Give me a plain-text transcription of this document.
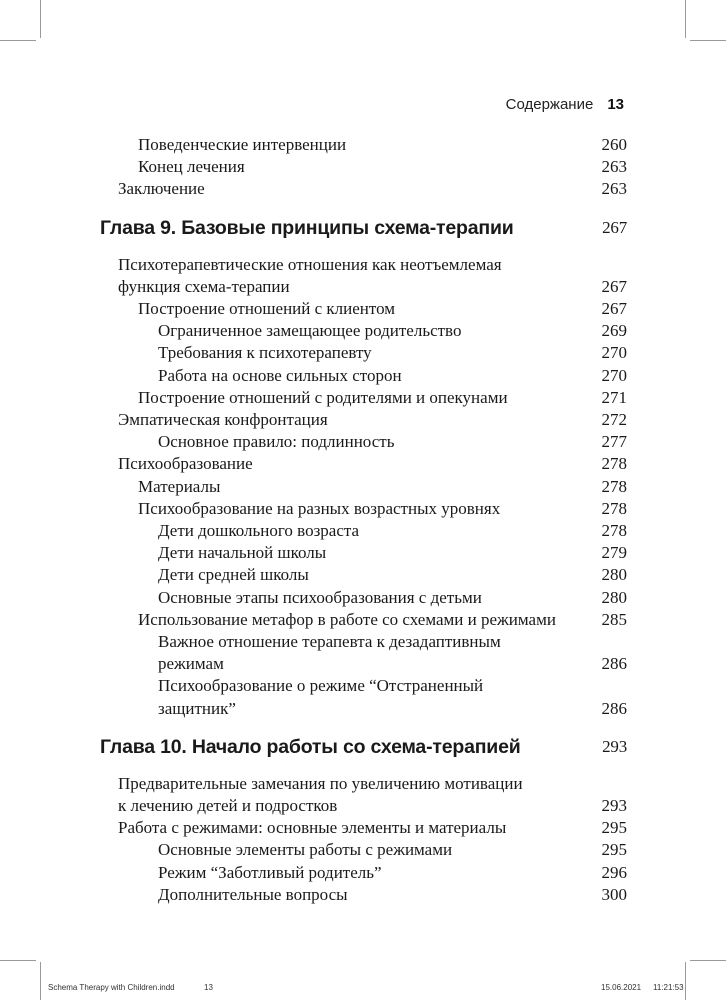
Содержание 13
Поведенческие интервенции	260
Конец лечения	263
Заключение	263
Глава 9. Базовые принципы схема-терапии	267
Психотерапевтические отношения как неотъемлемая
функция схема-терапии	267
Построение отношений с клиентом	267
Ограниченное замещающее родительство	269
Требования к психотерапевту	270
Работа на основе сильных сторон	270
Построение отношений с родителями и опекунами	271
Эмпатическая конфронтация	272
Основное правило: подлинность	277
Психообразование	278
Материалы	278
Психообразование на разных возрастных уровнях	278
Дети дошкольного возраста	278
Дети начальной школы	279
Дети средней школы	280
Основные этапы психообразования с детьми	280
Использование метафор в работе со схемами и режимами	285
Важное отношение терапевта к дезадаптивным
режимам	286
Психообразование о режиме “Отстраненный
защитник”	286
Глава 10. Начало работы со схема-терапией	293
Предварительные замечания по увеличению мотивации
к лечению детей и подростков	293
Работа с режимами: основные элементы и материалы	295
Основные элементы работы с режимами	295
Режим “Заботливый родитель”	296
Дополнительные вопросы	300
Schema Therapy with Children.indd	13	15.06.2021 11:21:53
